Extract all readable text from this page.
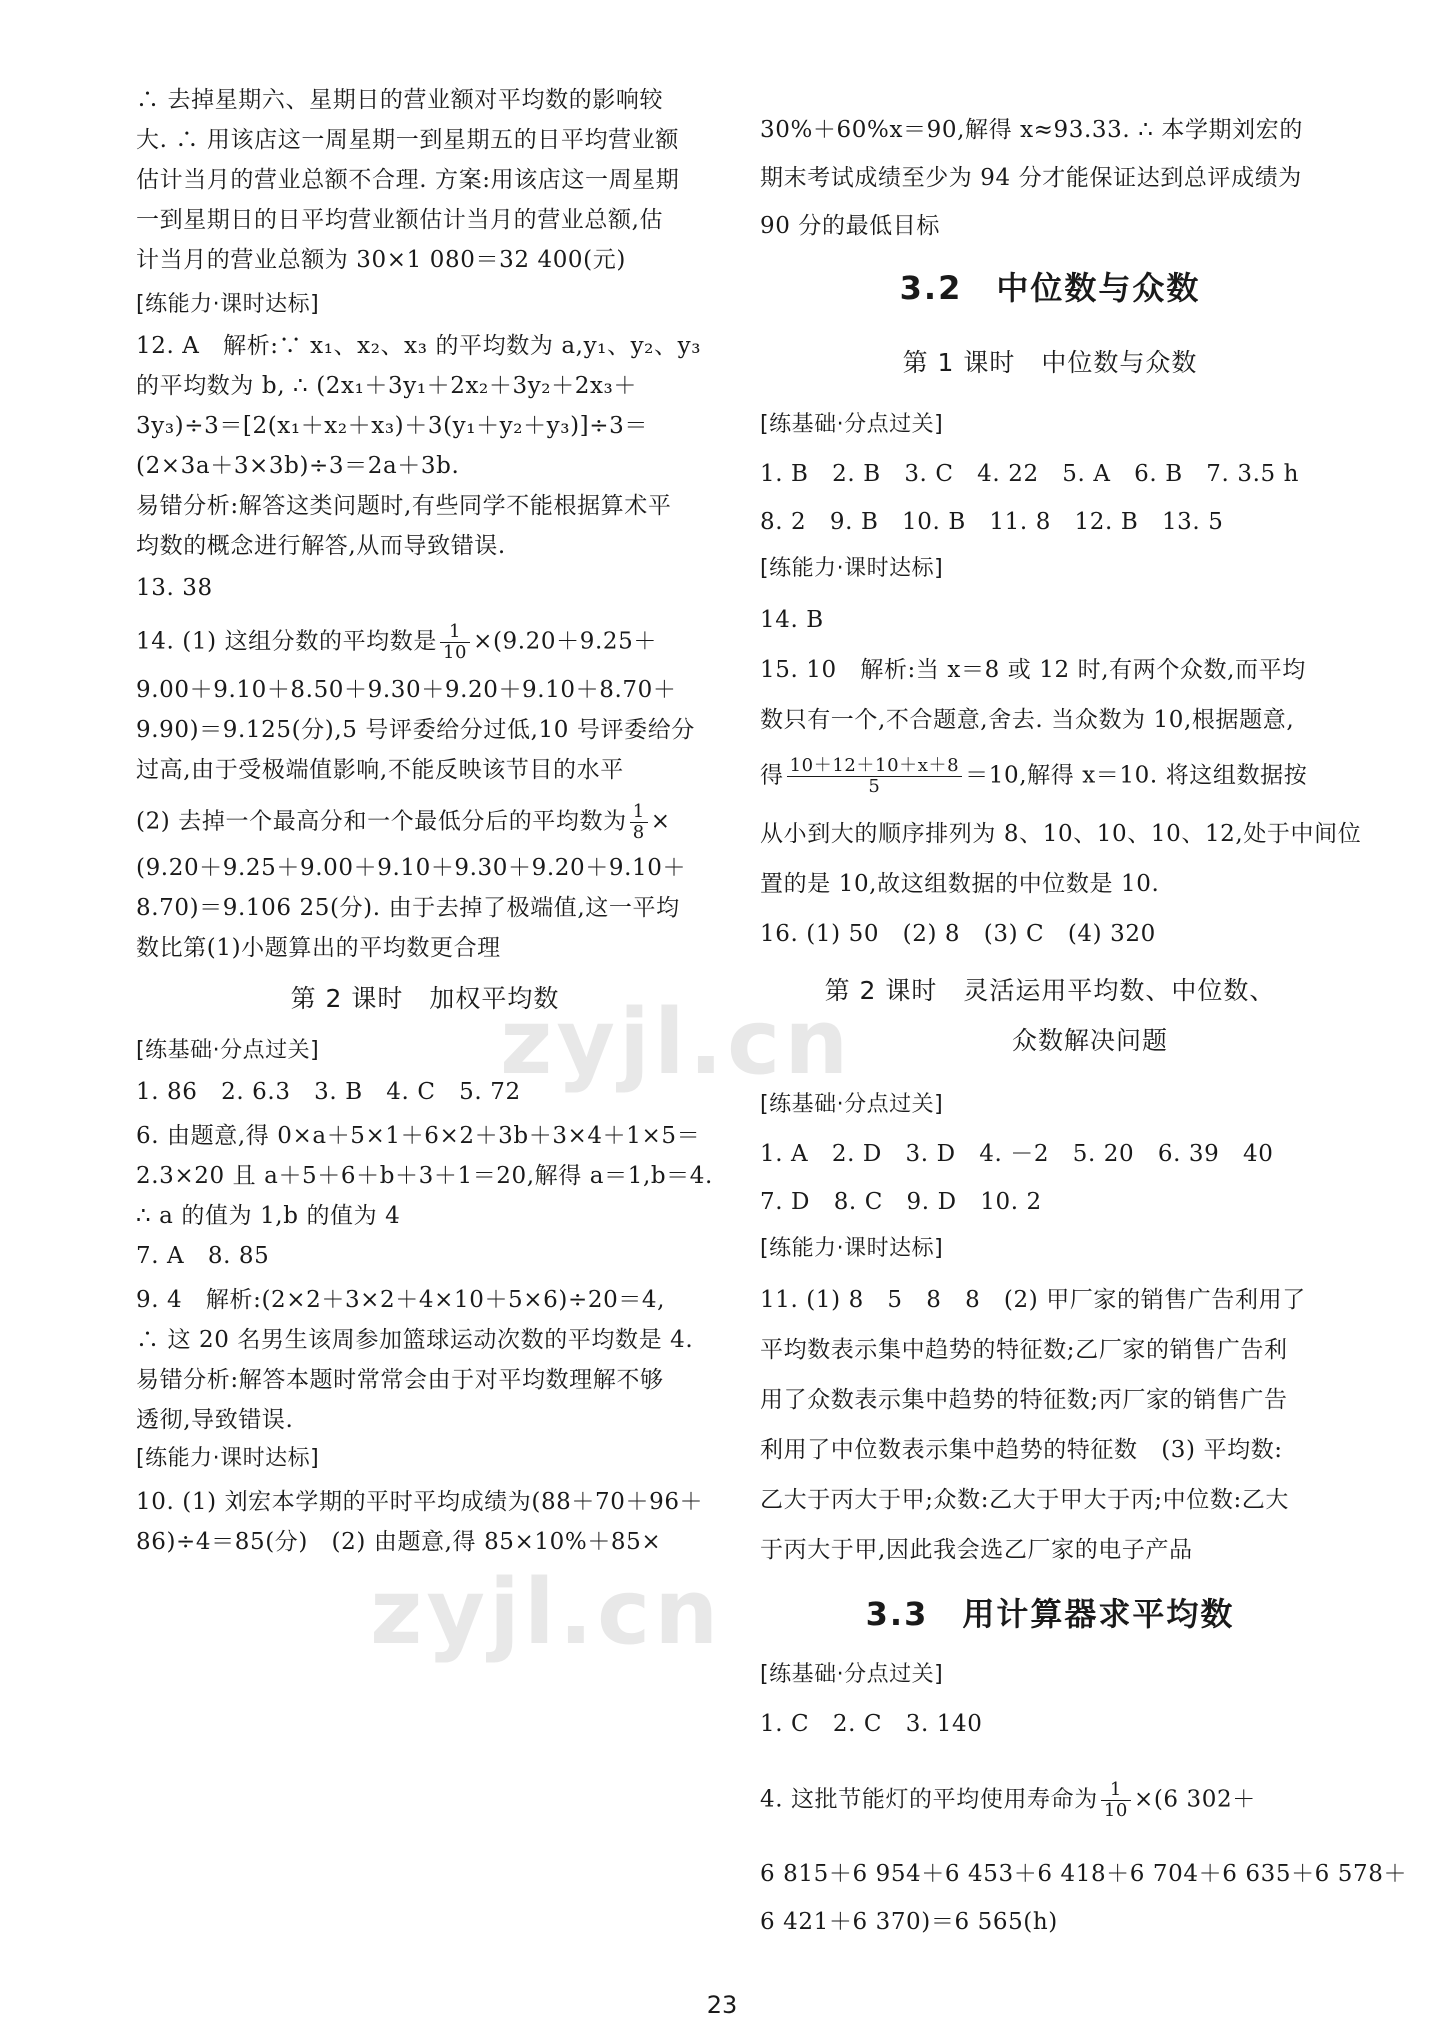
∴ 去掉星期六、星期日的营业额对平均数的影响较
大. ∴ 用该店这一周星期一到星期五的日平均营业额
估计当月的营业总额不合理. 方案:用该店这一周星期
一到星期日的日平均营业额估计当月的营业总额,估
计当月的营业总额为 30×1 080＝32 400(元)
[练能力·课时达标]
12. A　解析:∵ x₁、x₂、x₃ 的平均数为 a,y₁、y₂、y₃
的平均数为 b, ∴ (2x₁＋3y₁＋2x₂＋3y₂＋2x₃＋
3y₃)÷3＝[2(x₁＋x₂＋x₃)＋3(y₁＋y₂＋y₃)]÷3＝
(2×3a＋3×3b)÷3＝2a＋3b.
易错分析:解答这类问题时,有些同学不能根据算术平
均数的概念进行解答,从而导致错误.
13. 38
14. (1) 这组分数的平均数是 $\frac{1}{10} \times(9.20+9.25+$
9.00＋9.10＋8.50＋9.30＋9.20＋9.10＋8.70＋
9.90)＝9.125(分),5 号评委给分过低,10 号评委给分
过高,由于受极端值影响,不能反映该节目的水平
(2) 去掉一个最高分和一个最低分后的平均数为 $\frac{1}{8}$ ×
(9.20＋9.25＋9.00＋9.10＋9.30＋9.20＋9.10＋
8.70)＝9.106 25(分). 由于去掉了极端值,这一平均
数比第(1)小题算出的平均数更合理
第 2 课时　加权平均数
[练基础·分点过关]
1. 86　2. 6.3　3. B　4. C　5. 72
6. 由题意,得 0×a＋5×1＋6×2＋3b＋3×4＋1×5＝
2.3×20 且 a＋5＋6＋b＋3＋1＝20,解得 a＝1,b＝4.
∴ a 的值为 1,b 的值为 4
7. A　8. 85
9. 4　解析:(2×2＋3×2＋4×10＋5×6)÷20＝4,
∴ 这 20 名男生该周参加篮球运动次数的平均数是 4.
易错分析:解答本题时常常会由于对平均数理解不够
透彻,导致错误.
[练能力·课时达标]
10. (1) 刘宏本学期的平时平均成绩为(88＋70＋96＋
86)÷4＝85(分)　(2) 由题意,得 85×10%＋85×
30%＋60%x＝90,解得 x≈93.33. ∴ 本学期刘宏的
期末考试成绩至少为 94 分才能保证达到总评成绩为
90 分的最低目标
3.2　中位数与众数
第 1 课时　中位数与众数
[练基础·分点过关]
1. B　2. B　3. C　4. 22　5. A　6. B　7. 3.5 h
8. 2　9. B　10. B　11. 8　12. B　13. 5
[练能力·课时达标]
14. B
15. 10　解析:当 x＝8 或 12 时,有两个众数,而平均
数只有一个,不合题意,舍去. 当众数为 10,根据题意,
得 $\frac{10+12+10+x+8}{5} =10$,解得 x＝10. 将这组数据按
从小到大的顺序排列为 8、10、10、10、12,处于中间位
置的是 10,故这组数据的中位数是 10.
16. (1) 50　(2) 8　(3) C　(4) 320
第 2 课时　灵活运用平均数、中位数、
众数解决问题
[练基础·分点过关]
1. A　2. D　3. D　4. －2　5. 20　6. 39　40
7. D　8. C　9. D　10. 2
[练能力·课时达标]
11. (1) 8　5　8　8　(2) 甲厂家的销售广告利用了
平均数表示集中趋势的特征数;乙厂家的销售广告利
用了众数表示集中趋势的特征数;丙厂家的销售广告
利用了中位数表示集中趋势的特征数　(3) 平均数:
乙大于丙大于甲;众数:乙大于甲大于丙;中位数:乙大
于丙大于甲,因此我会选乙厂家的电子产品
3.3　用计算器求平均数
[练基础·分点过关]
1. C　2. C　3. 140
4. 这批节能灯的平均使用寿命为 $\frac{1}{10} \times(6$ 302＋
6 815＋6 954＋6 453＋6 418＋6 704＋6 635＋6 578＋
6 421＋6 370)＝6 565(h)
23
zyjl.cn
zyjl.cn
